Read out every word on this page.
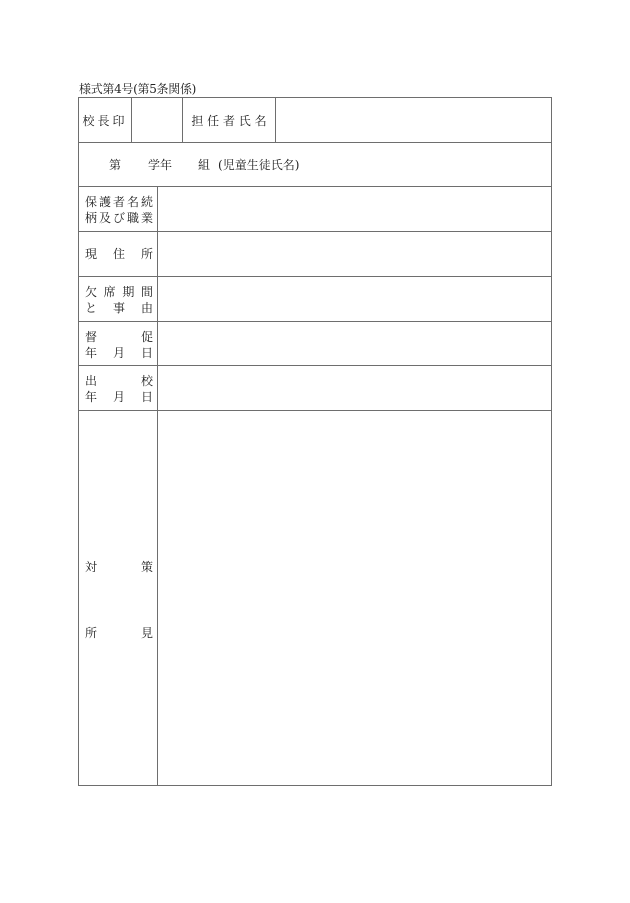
様式第4号(第5条関係)
校長印	担 任 者 氏 名
第 学年 組 (児童生徒氏名)
保 護 者 名 続
柄 及 び 職 業
現 住 所
欠 席 期 間
と 事 由
督	促
年 月 日
出	校
年 月 日
対	策
所	見
